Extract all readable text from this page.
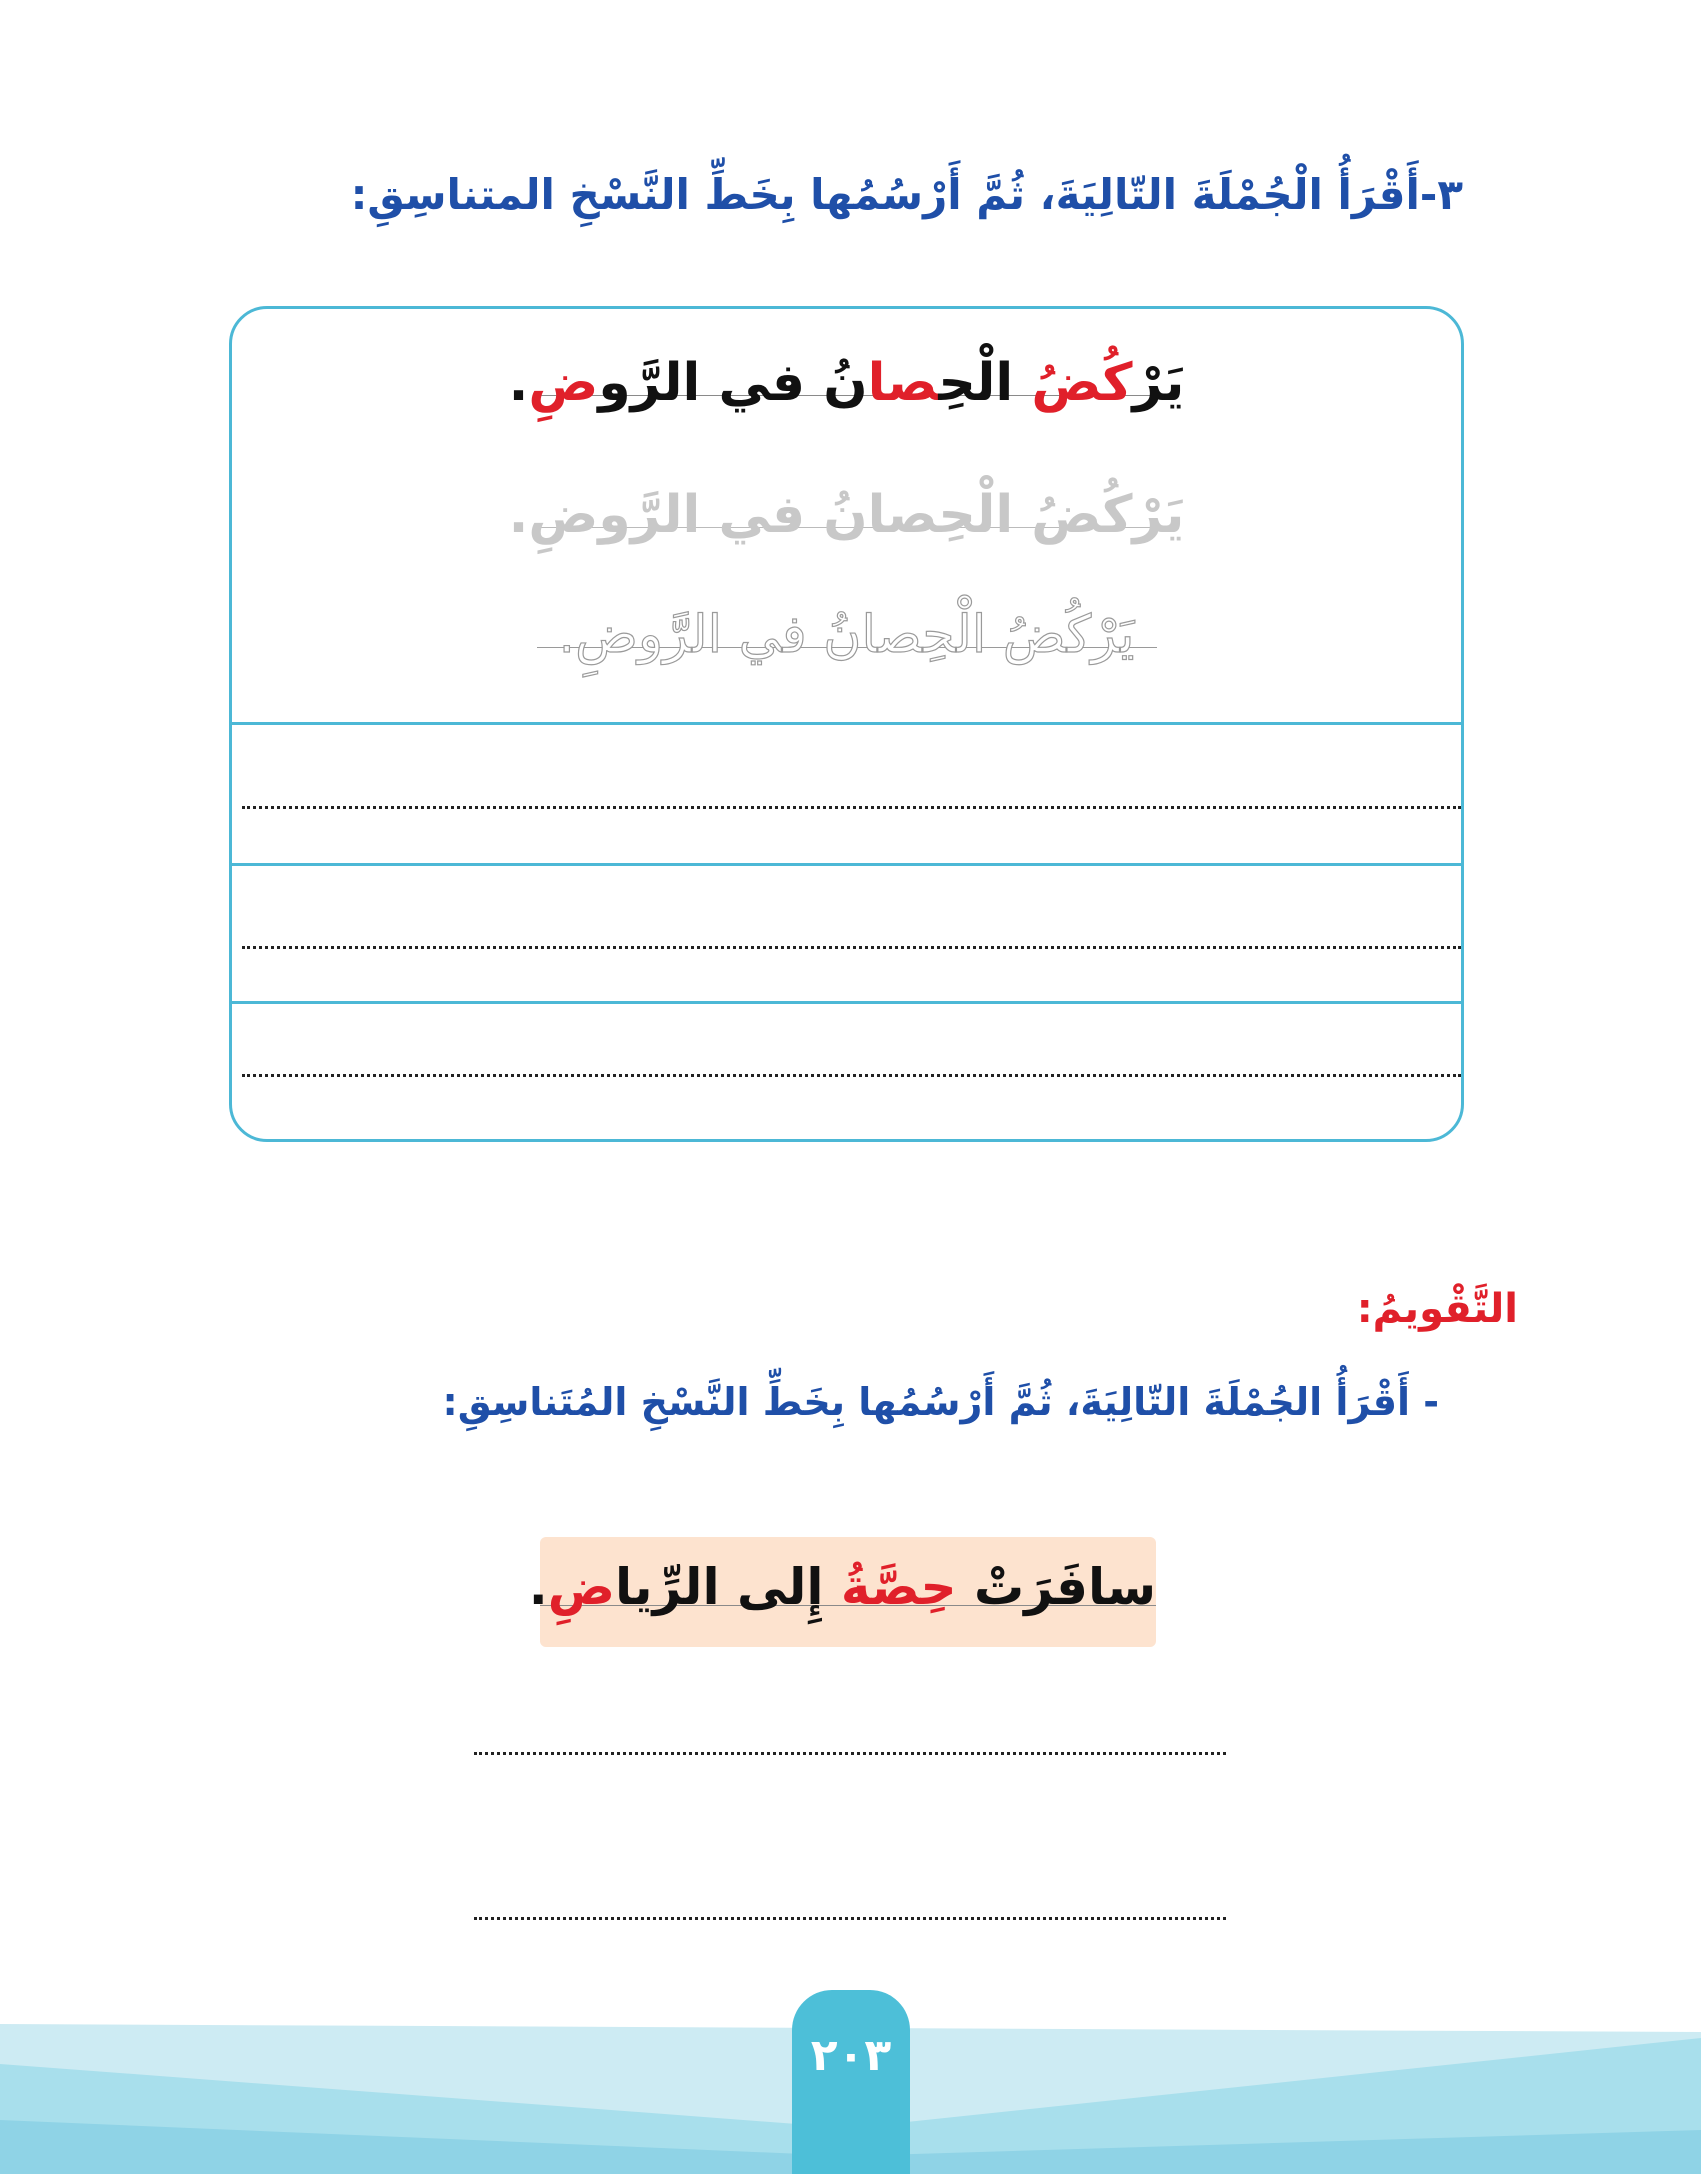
٣-أَقْرَأُ الْجُمْلَةَ التّالِيَةَ، ثُمَّ أَرْسُمُها بِخَطِّ النَّسْخِ المتناسِقِ:
يَرْكُضُ الْحِصانُ في الرَّوضِ.
يَرْكُضُ الْحِصانُ في الرَّوضِ.
يَرْكُضُ الْحِصانُ في الرَّوضِ.
التَّقْويمُ:
- أَقْرَأُ الجُمْلَةَ التّالِيَةَ، ثُمَّ أَرْسُمُها بِخَطِّ النَّسْخِ المُتَناسِقِ:
سافَرَتْ حِصَّةُ إِلى الرِّياضِ.
٢٠٣
